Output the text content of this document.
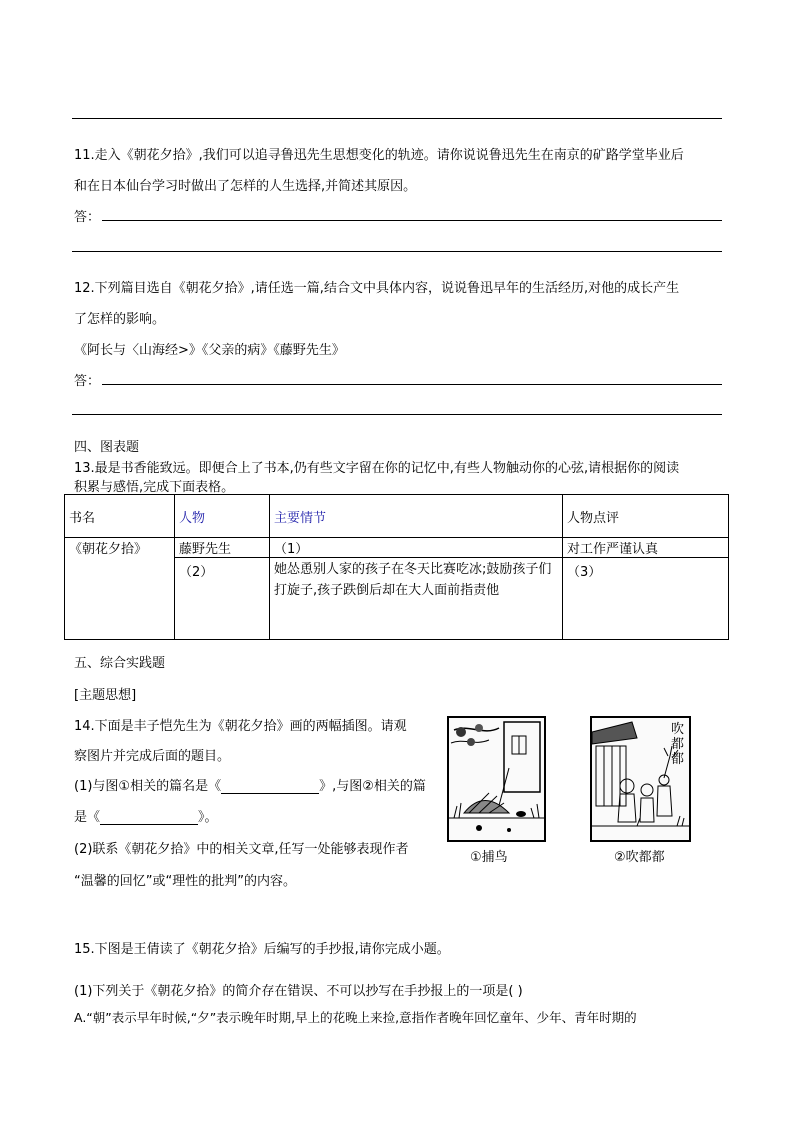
11.走入《朝花夕拾》,我们可以追寻鲁迅先生思想变化的轨迹。请你说说鲁迅先生在南京的矿路学堂毕业后
和在日本仙台学习时做出了怎样的人生选择,并简述其原因。
答：
12.下列篇目选自《朝花夕拾》,请任选一篇,结合文中具体内容，说说鲁迅早年的生活经历,对他的成长产生
了怎样的影响。
《阿长与〈山海经>》《父亲的病》《藤野先生》
答：
四、图表题
13.最是书香能致远。即便合上了书本,仍有些文字留在你的记忆中,有些人物触动你的心弦,请根据你的阅读
积累与感悟,完成下面表格。
书名	人物	主要情节	人物点评
《朝花夕拾》	藤野先生	（1）	对工作严谨认真
	（2）	她怂恿别人家的孩子在冬天比赛吃冰;鼓励孩子们打旋子,孩子跌倒后却在大人面前指责他	（3）
五、综合实践题
[主题思想]
14.下面是丰子恺先生为《朝花夕拾》画的两幅插图。请观
察图片并完成后面的题目。
(1)与图①相关的篇名是《	》,与图②相关的篇
是《	》。
(2)联系《朝花夕拾》中的相关文章,任写一处能够表现作者
“温馨的回忆”或“理性的批判”的内容。
①捕鸟
吹都都
②吹都都
15.下图是王倩读了《朝花夕拾》后编写的手抄报,请你完成小题。
(1)下列关于《朝花夕拾》的简介存在错误、不可以抄写在手抄报上的一项是( )
A.“朝”表示早年时候,“夕”表示晚年时期,早上的花晚上来捡,意指作者晚年回忆童年、少年、青年时期的
